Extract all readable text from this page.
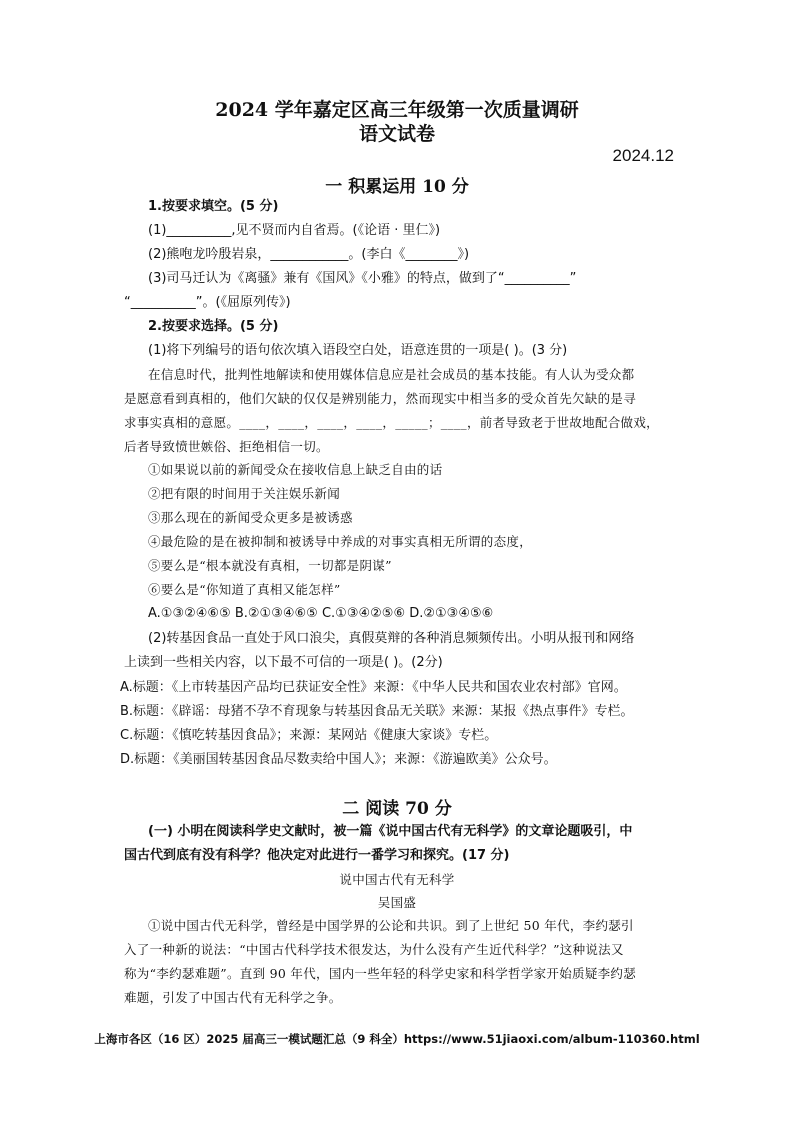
2024 学年嘉定区高三年级第一次质量调研
语文试卷
2024.12
一 积累运用 10 分
1.按要求填空。(5 分)
(1)__________,见不贤而内自省焉。(《论语 · 里仁》)
(2)熊咆龙吟殷岩泉，____________。(李白《________》)
(3)司马迁认为《离骚》兼有《国风》《小雅》的特点，做到了“__________”
“__________”。(《屈原列传》)
2.按要求选择。(5 分)
(1)将下列编号的语句依次填入语段空白处，语意连贯的一项是( )。(3 分)
在信息时代，批判性地解读和使用媒体信息应是社会成员的基本技能。有人认为受众都
是愿意看到真相的，他们欠缺的仅仅是辨别能力，然而现实中相当多的受众首先欠缺的是寻
求事实真相的意愿。____，____，____，____，_____；____，前者导致老于世故地配合做戏，
后者导致愤世嫉俗、拒绝相信一切。
①如果说以前的新闻受众在接收信息上缺乏自由的话
②把有限的时间用于关注娱乐新闻
③那么现在的新闻受众更多是被诱惑
④最危险的是在被抑制和被诱导中养成的对事实真相无所谓的态度，
⑤要么是“根本就没有真相，一切都是阴谋”
⑥要么是“你知道了真相又能怎样”
A.①③②④⑥⑤ B.②①③④⑥⑤ C.①③④②⑤⑥ D.②①③④⑤⑥
(2)转基因食品一直处于风口浪尖，真假莫辩的各种消息频频传出。小明从报刊和网络
上读到一些相关内容，以下最不可信的一项是( )。(2分)
A.标题：《上市转基因产品均已获证安全性》来源：《中华人民共和国农业农村部》官网。
B.标题：《辟谣：母猪不孕不育现象与转基因食品无关联》来源：某报《热点事件》专栏。
C.标题：《慎吃转基因食品》；来源：某网站《健康大家谈》专栏。
D.标题：《美丽国转基因食品尽数卖给中国人》；来源：《游遍欧美》公众号。
二 阅读 70 分
(一) 小明在阅读科学史文献时，被一篇《说中国古代有无科学》的文章论题吸引，中
国古代到底有没有科学？他决定对此进行一番学习和探究。(17 分)
说中国古代有无科学
吴国盛
①说中国古代无科学，曾经是中国学界的公论和共识。到了上世纪 50 年代，李约瑟引
入了一种新的说法：“中国古代科学技术很发达，为什么没有产生近代科学？”这种说法又
称为“李约瑟难题”。直到 90 年代，国内一些年轻的科学史家和科学哲学家开始质疑李约瑟
难题，引发了中国古代有无科学之争。
上海市各区（16 区）2025 届高三一模试题汇总（9 科全）https://www.51jiaoxi.com/album-110360.html
